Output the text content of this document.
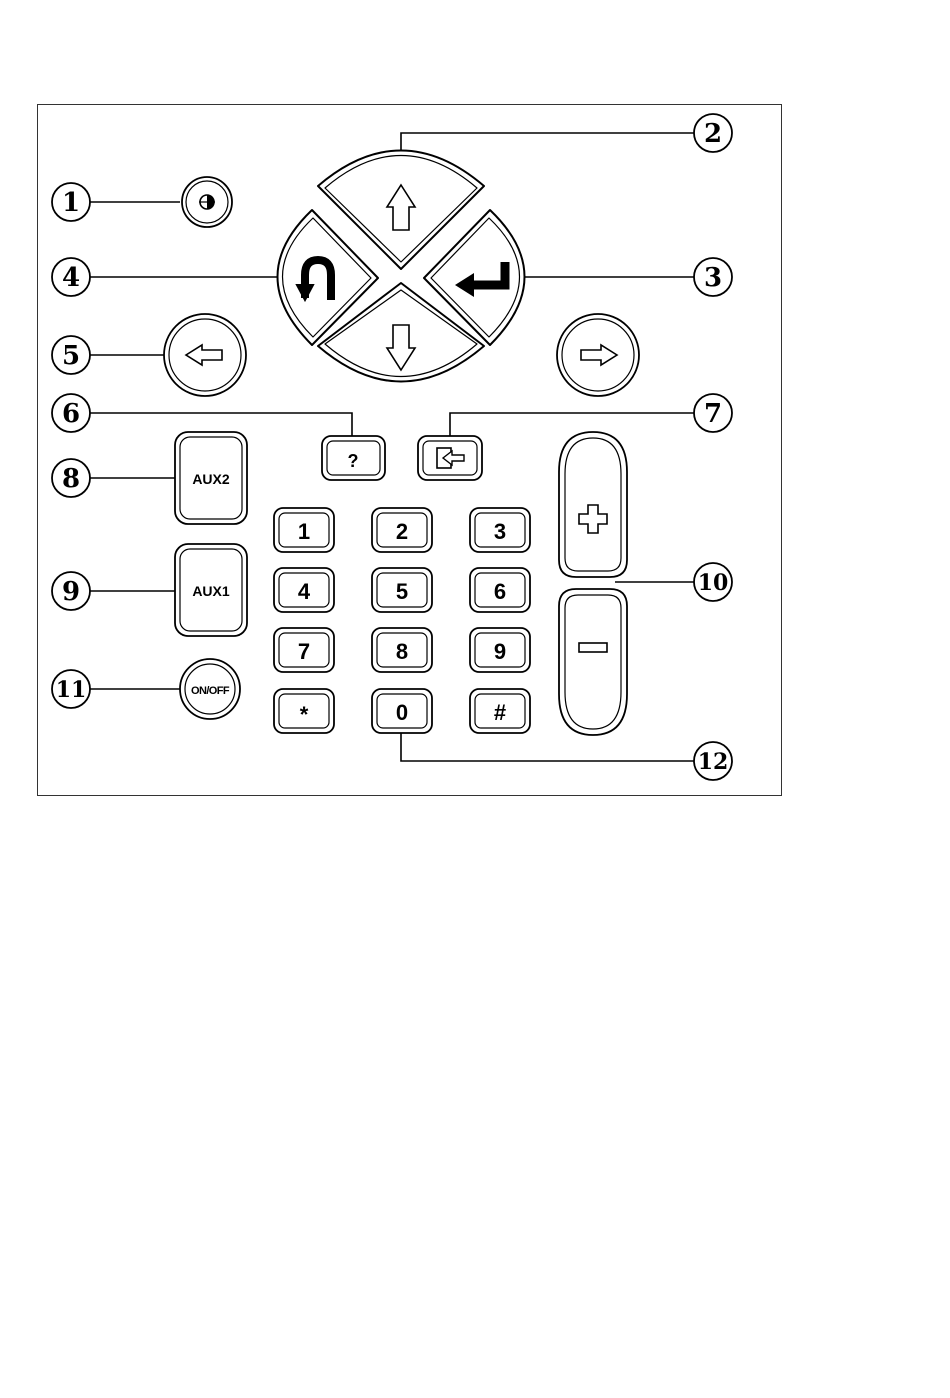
1
2
3
4
5
6	7
8
9	10
11
12
?
AUX2
AUX1
ON/OFF
1	2	3
4	5	6
7	8	9
*	0	#
